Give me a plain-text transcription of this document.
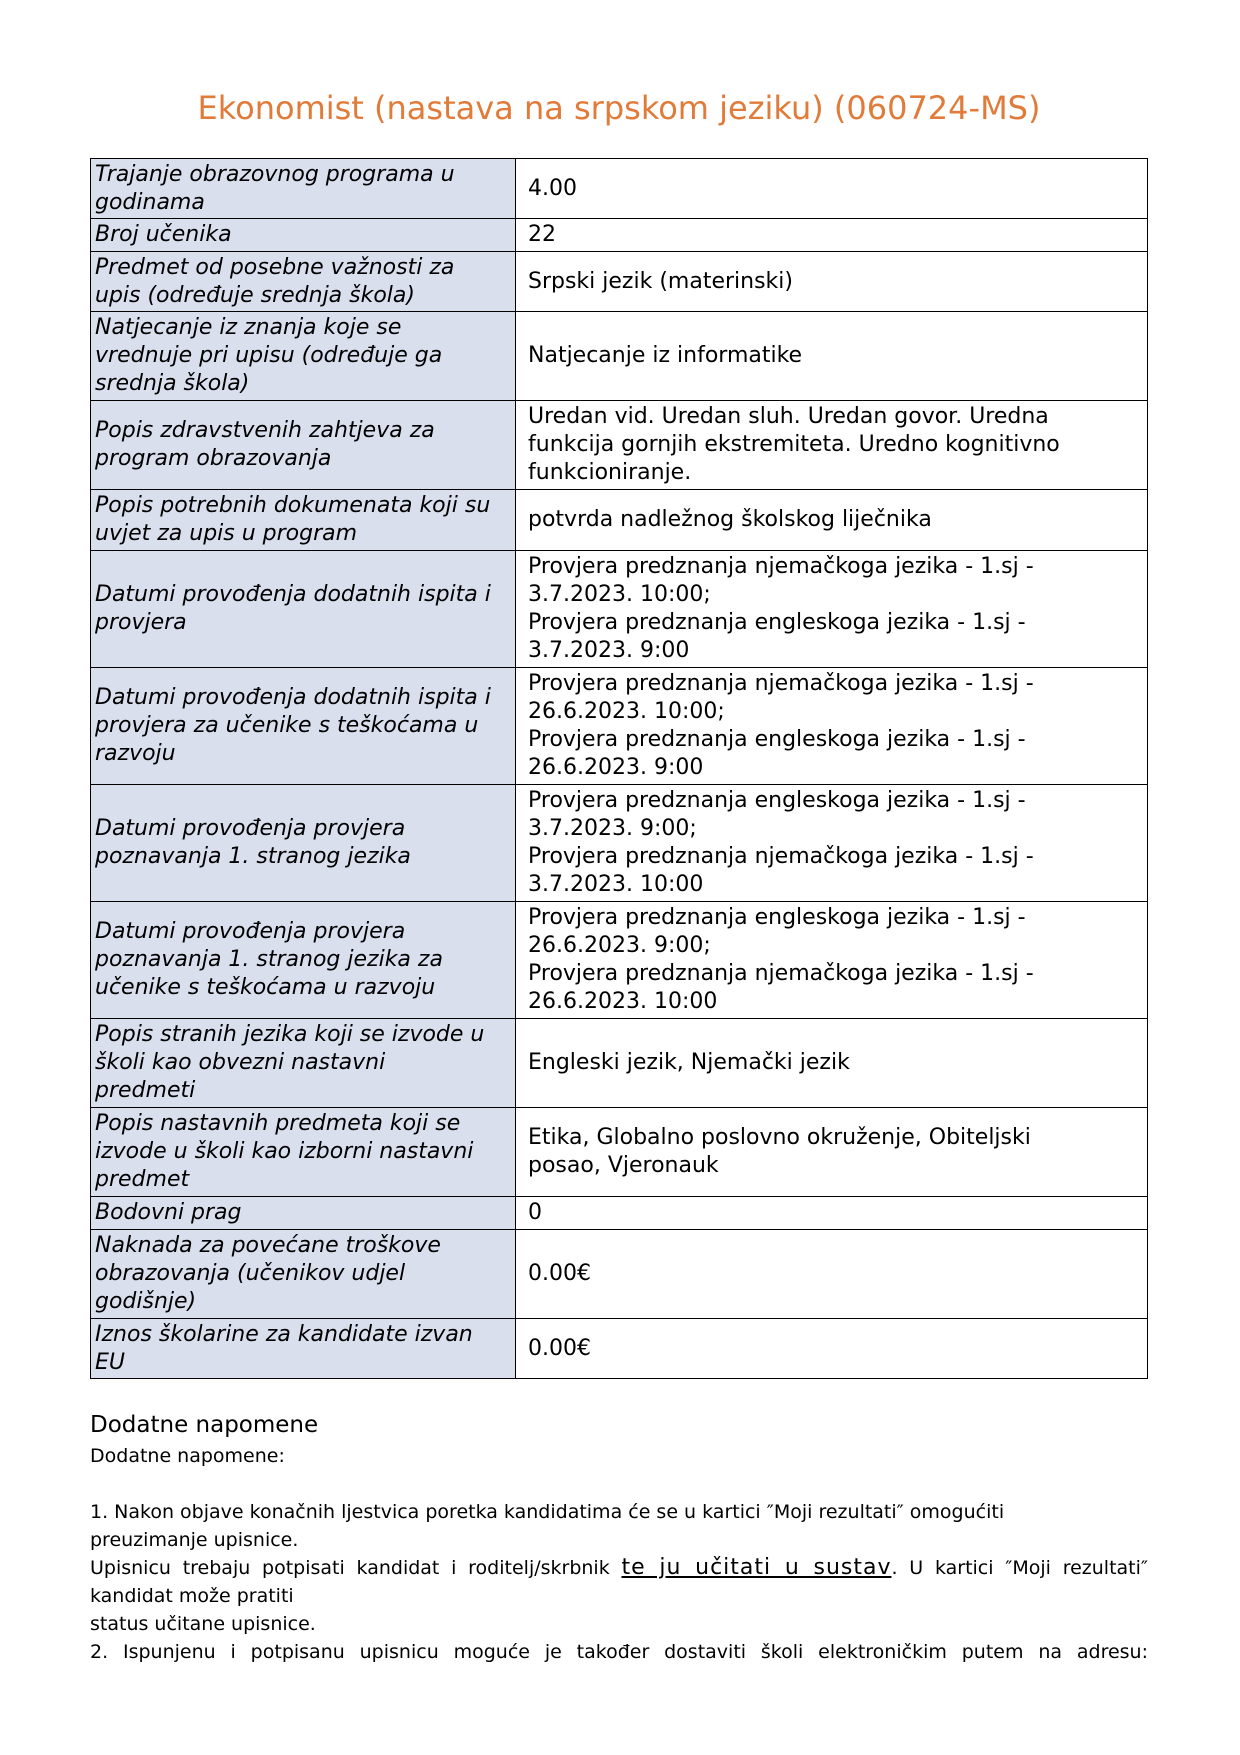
Ekonomist (nastava na srpskom jeziku) (060724-MS)
Trajanje obrazovnog programa u
godinama	4.00

Broj učenika	22

Predmet od posebne važnosti za
upis (određuje srednja škola)	Srpski jezik (materinski)

Natjecanje iz znanja koje se
vrednuje pri upisu (određuje ga
srednja škola)	Natjecanje iz informatike

Popis zdravstvenih zahtjeva za
program obrazovanja	Uredan vid. Uredan sluh. Uredan govor. Uredna
funkcija gornjih ekstremiteta. Uredno kognitivno
funkcioniranje.

Popis potrebnih dokumenata koji su
uvjet za upis u program	potvrda nadležnog školskog liječnika

Datumi provođenja dodatnih ispita i
provjera	Provjera predznanja njemačkoga jezika - 1.sj -
3.7.2023. 10:00;
Provjera predznanja engleskoga jezika - 1.sj -
3.7.2023. 9:00

Datumi provođenja dodatnih ispita i
provjera za učenike s teškoćama u
razvoju	Provjera predznanja njemačkoga jezika - 1.sj -
26.6.2023. 10:00;
Provjera predznanja engleskoga jezika - 1.sj -
26.6.2023. 9:00

Datumi provođenja provjera
poznavanja 1. stranog jezika	Provjera predznanja engleskoga jezika - 1.sj -
3.7.2023. 9:00;
Provjera predznanja njemačkoga jezika - 1.sj -
3.7.2023. 10:00

Datumi provođenja provjera
poznavanja 1. stranog jezika za
učenike s teškoćama u razvoju	Provjera predznanja engleskoga jezika - 1.sj -
26.6.2023. 9:00;
Provjera predznanja njemačkoga jezika - 1.sj -
26.6.2023. 10:00

Popis stranih jezika koji se izvode u
školi kao obvezni nastavni
predmeti	Engleski jezik, Njemački jezik

Popis nastavnih predmeta koji se
izvode u školi kao izborni nastavni
predmet	Etika, Globalno poslovno okruženje, Obiteljski
posao, Vjeronauk

Bodovni prag	0

Naknada za povećane troškove
obrazovanja (učenikov udjel
godišnje)	0.00€

Iznos školarine za kandidate izvan
EU	0.00€
Dodatne napomene

Dodatne napomene:

1. Nakon objave konačnih ljestvica poretka kandidatima će se u kartici ″Moji rezultati″ omogućiti

preuzimanje upisnice.

Upisnicu trebaju potpisati kandidat i roditelj/skrbnik te ju učitati u sustav. U kartici ″Moji rezultati″

kandidat može pratiti

status učitane upisnice.

2. Ispunjenu i potpisanu upisnicu moguće je također dostaviti školi elektroničkim putem na adresu:
